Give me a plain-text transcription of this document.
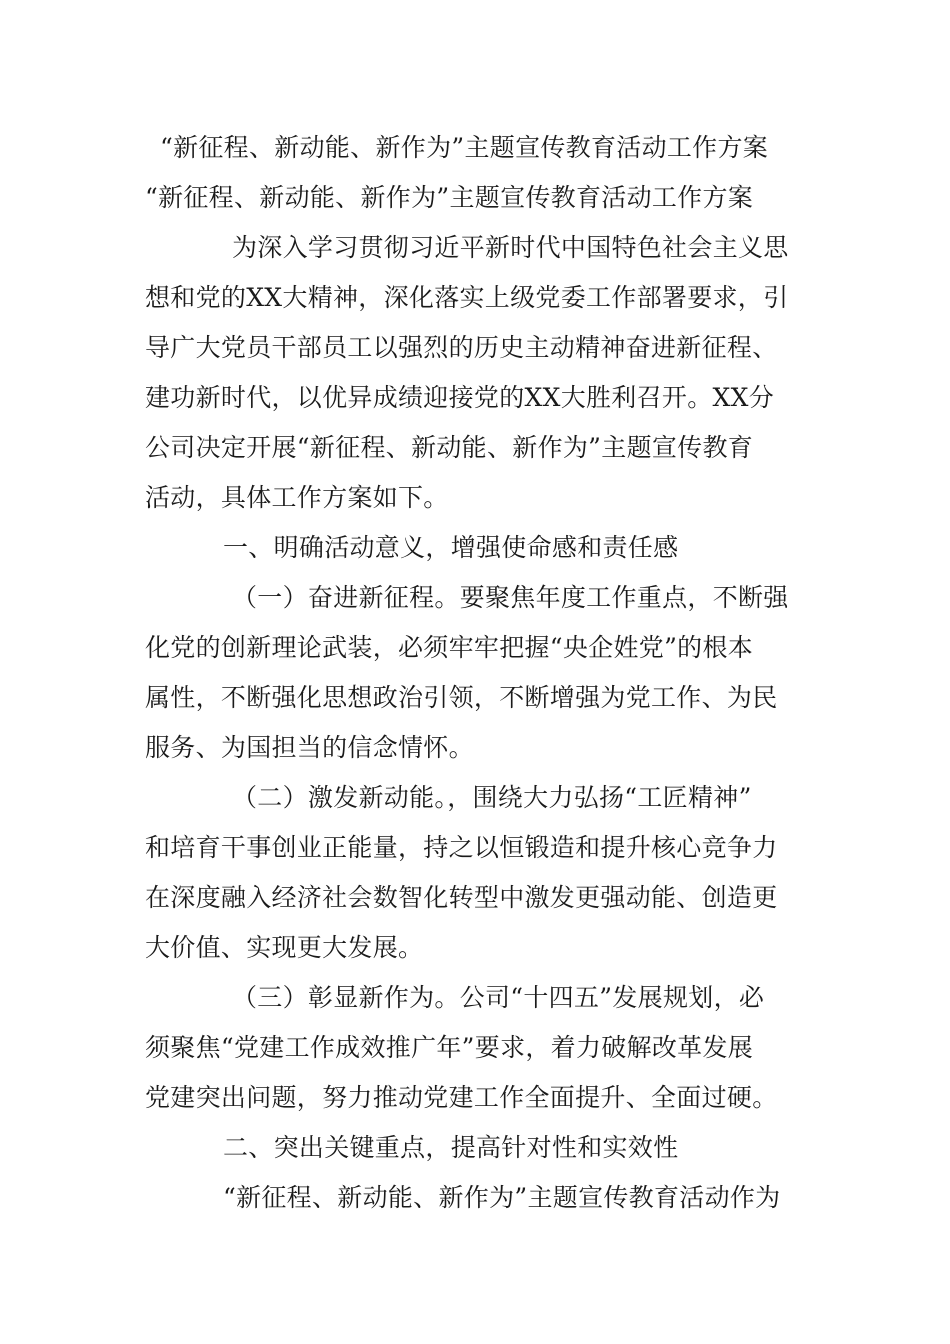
“新征程、新动能、新作为”主题宣传教育活动工作方案
“新征程、新动能、新作为”主题宣传教育活动工作方案
为深入学习贯彻习近平新时代中国特色社会主义思
想和党的XX大精神，深化落实上级党委工作部署要求，引
导广大党员干部员工以强烈的历史主动精神奋进新征程、
建功新时代，以优异成绩迎接党的XX大胜利召开。XX分
公司决定开展“新征程、新动能、新作为”主题宣传教育
活动，具体工作方案如下。
一、明确活动意义，增强使命感和责任感
（一）奋进新征程。要聚焦年度工作重点，不断强
化党的创新理论武装，必须牢牢把握“央企姓党”的根本
属性，不断强化思想政治引领，不断增强为党工作、为民
服务、为国担当的信念情怀。
（二）激发新动能。，围绕大力弘扬“工匠精神”
和培育干事创业正能量，持之以恒锻造和提升核心竞争力
在深度融入经济社会数智化转型中激发更强动能、创造更
大价值、实现更大发展。
（三）彰显新作为。公司“十四五”发展规划，必
须聚焦“党建工作成效推广年”要求，着力破解改革发展
党建突出问题，努力推动党建工作全面提升、全面过硬。
二、突出关键重点，提高针对性和实效性
“新征程、新动能、新作为”主题宣传教育活动作为
